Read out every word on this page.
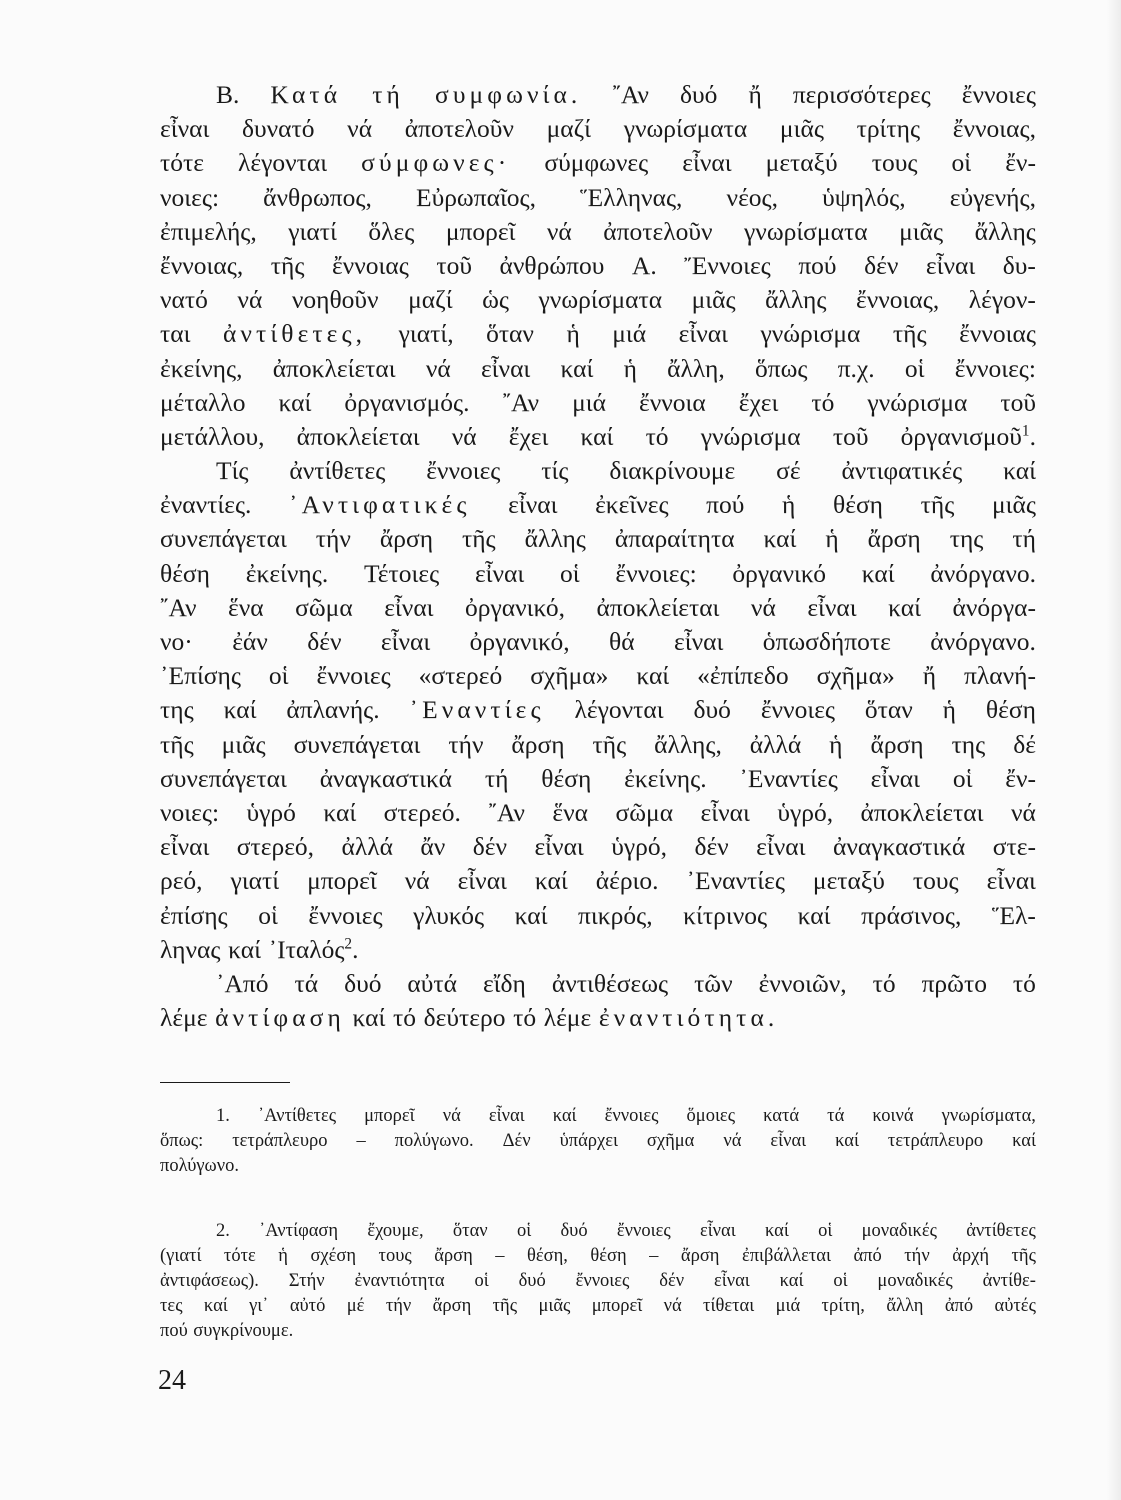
Β. Κατά τή συμφωνία. ῎Αν δυό ἤ περισσότερες ἔννοιες
εἶναι δυνατό νά ἀποτελοῦν μαζί γνωρίσματα μιᾶς τρίτης ἔννοιας,
τότε λέγονται σύμφωνες· σύμφωνες εἶναι μεταξύ τους οἱ ἔν-
νοιες: ἄνθρωπος, Εὐρωπαῖος, Ἕλληνας, νέος, ὑψηλός, εὐγενής,
ἐπιμελής, γιατί ὅλες μπορεῖ νά ἀποτελοῦν γνωρίσματα μιᾶς ἄλλης
ἔννοιας, τῆς ἔννοιας τοῦ ἀνθρώπου Α. Ἔννοιες πού δέν εἶναι δυ-
νατό νά νοηθοῦν μαζί ὡς γνωρίσματα μιᾶς ἄλλης ἔννοιας, λέγον-
ται ἀντίθετες, γιατί, ὅταν ἡ μιά εἶναι γνώρισμα τῆς ἔννοιας
ἐκείνης, ἀποκλείεται νά εἶναι καί ἡ ἄλλη, ὅπως π.χ. οἱ ἔννοιες:
μέταλλο καί ὀργανισμός. ῎Αν μιά ἔννοια ἔχει τό γνώρισμα τοῦ
μετάλλου, ἀποκλείεται νά ἔχει καί τό γνώρισμα τοῦ ὀργανισμοῦ$^1$.
Τίς ἀντίθετες ἔννοιες τίς διακρίνουμε σέ ἀντιφατικές καί
ἐναντίες. ᾿Αντιφατικές εἶναι ἐκεῖνες πού ἡ θέση τῆς μιᾶς
συνεπάγεται τήν ἄρση τῆς ἄλλης ἀπαραίτητα καί ἡ ἄρση της τή
θέση ἐκείνης. Τέτοιες εἶναι οἱ ἔννοιες: ὀργανικό καί ἀνόργανο.
῎Αν ἕνα σῶμα εἶναι ὀργανικό, ἀποκλείεται νά εἶναι καί ἀνόργα-
νο· ἐάν δέν εἶναι ὀργανικό, θά εἶναι ὁπωσδήποτε ἀνόργανο.
᾿Επίσης οἱ ἔννοιες «στερεό σχῆμα» καί «ἐπίπεδο σχῆμα» ἤ πλανή-
της καί ἀπλανής. ᾿Εναντίες λέγονται δυό ἔννοιες ὅταν ἡ θέση
τῆς μιᾶς συνεπάγεται τήν ἄρση τῆς ἄλλης, ἀλλά ἡ ἄρση της δέ
συνεπάγεται ἀναγκαστικά τή θέση ἐκείνης. ᾿Εναντίες εἶναι οἱ ἔν-
νοιες: ὑγρό καί στερεό. ῎Αν ἕνα σῶμα εἶναι ὑγρό, ἀποκλείεται νά
εἶναι στερεό, ἀλλά ἄν δέν εἶναι ὑγρό, δέν εἶναι ἀναγκαστικά στε-
ρεό, γιατί μπορεῖ νά εἶναι καί ἀέριο. ᾿Εναντίες μεταξύ τους εἶναι
ἐπίσης οἱ ἔννοιες γλυκός καί πικρός, κίτρινος καί πράσινος, Ἕλ-
ληνας καί ᾿Ιταλός$^2$.
᾿Από τά δυό αὐτά εἴδη ἀντιθέσεως τῶν ἐννοιῶν, τό πρῶτο τό
λέμε ἀντίφαση καί τό δεύτερο τό λέμε ἐναντιότητα.
1. ᾿Αντίθετες μπορεῖ νά εἶναι καί ἔννοιες ὅμοιες κατά τά κοινά γνωρίσματα,
ὅπως: τετράπλευρο – πολύγωνο. Δέν ὑπάρχει σχῆμα νά εἶναι καί τετράπλευρο καί
πολύγωνο.
2. ᾿Αντίφαση ἔχουμε, ὅταν οἱ δυό ἔννοιες εἶναι καί οἱ μοναδικές ἀντίθετες
(γιατί τότε ἡ σχέση τους ἄρση – θέση, θέση – ἄρση ἐπιβάλλεται ἀπό τήν ἀρχή τῆς
ἀντιφάσεως). Στήν ἐναντιότητα οἱ δυό ἔννοιες δέν εἶναι καί οἱ μοναδικές ἀντίθε-
τες καί γι᾿ αὐτό μέ τήν ἄρση τῆς μιᾶς μπορεῖ νά τίθεται μιά τρίτη, ἄλλη ἀπό αὐτές
πού συγκρίνουμε.
24
